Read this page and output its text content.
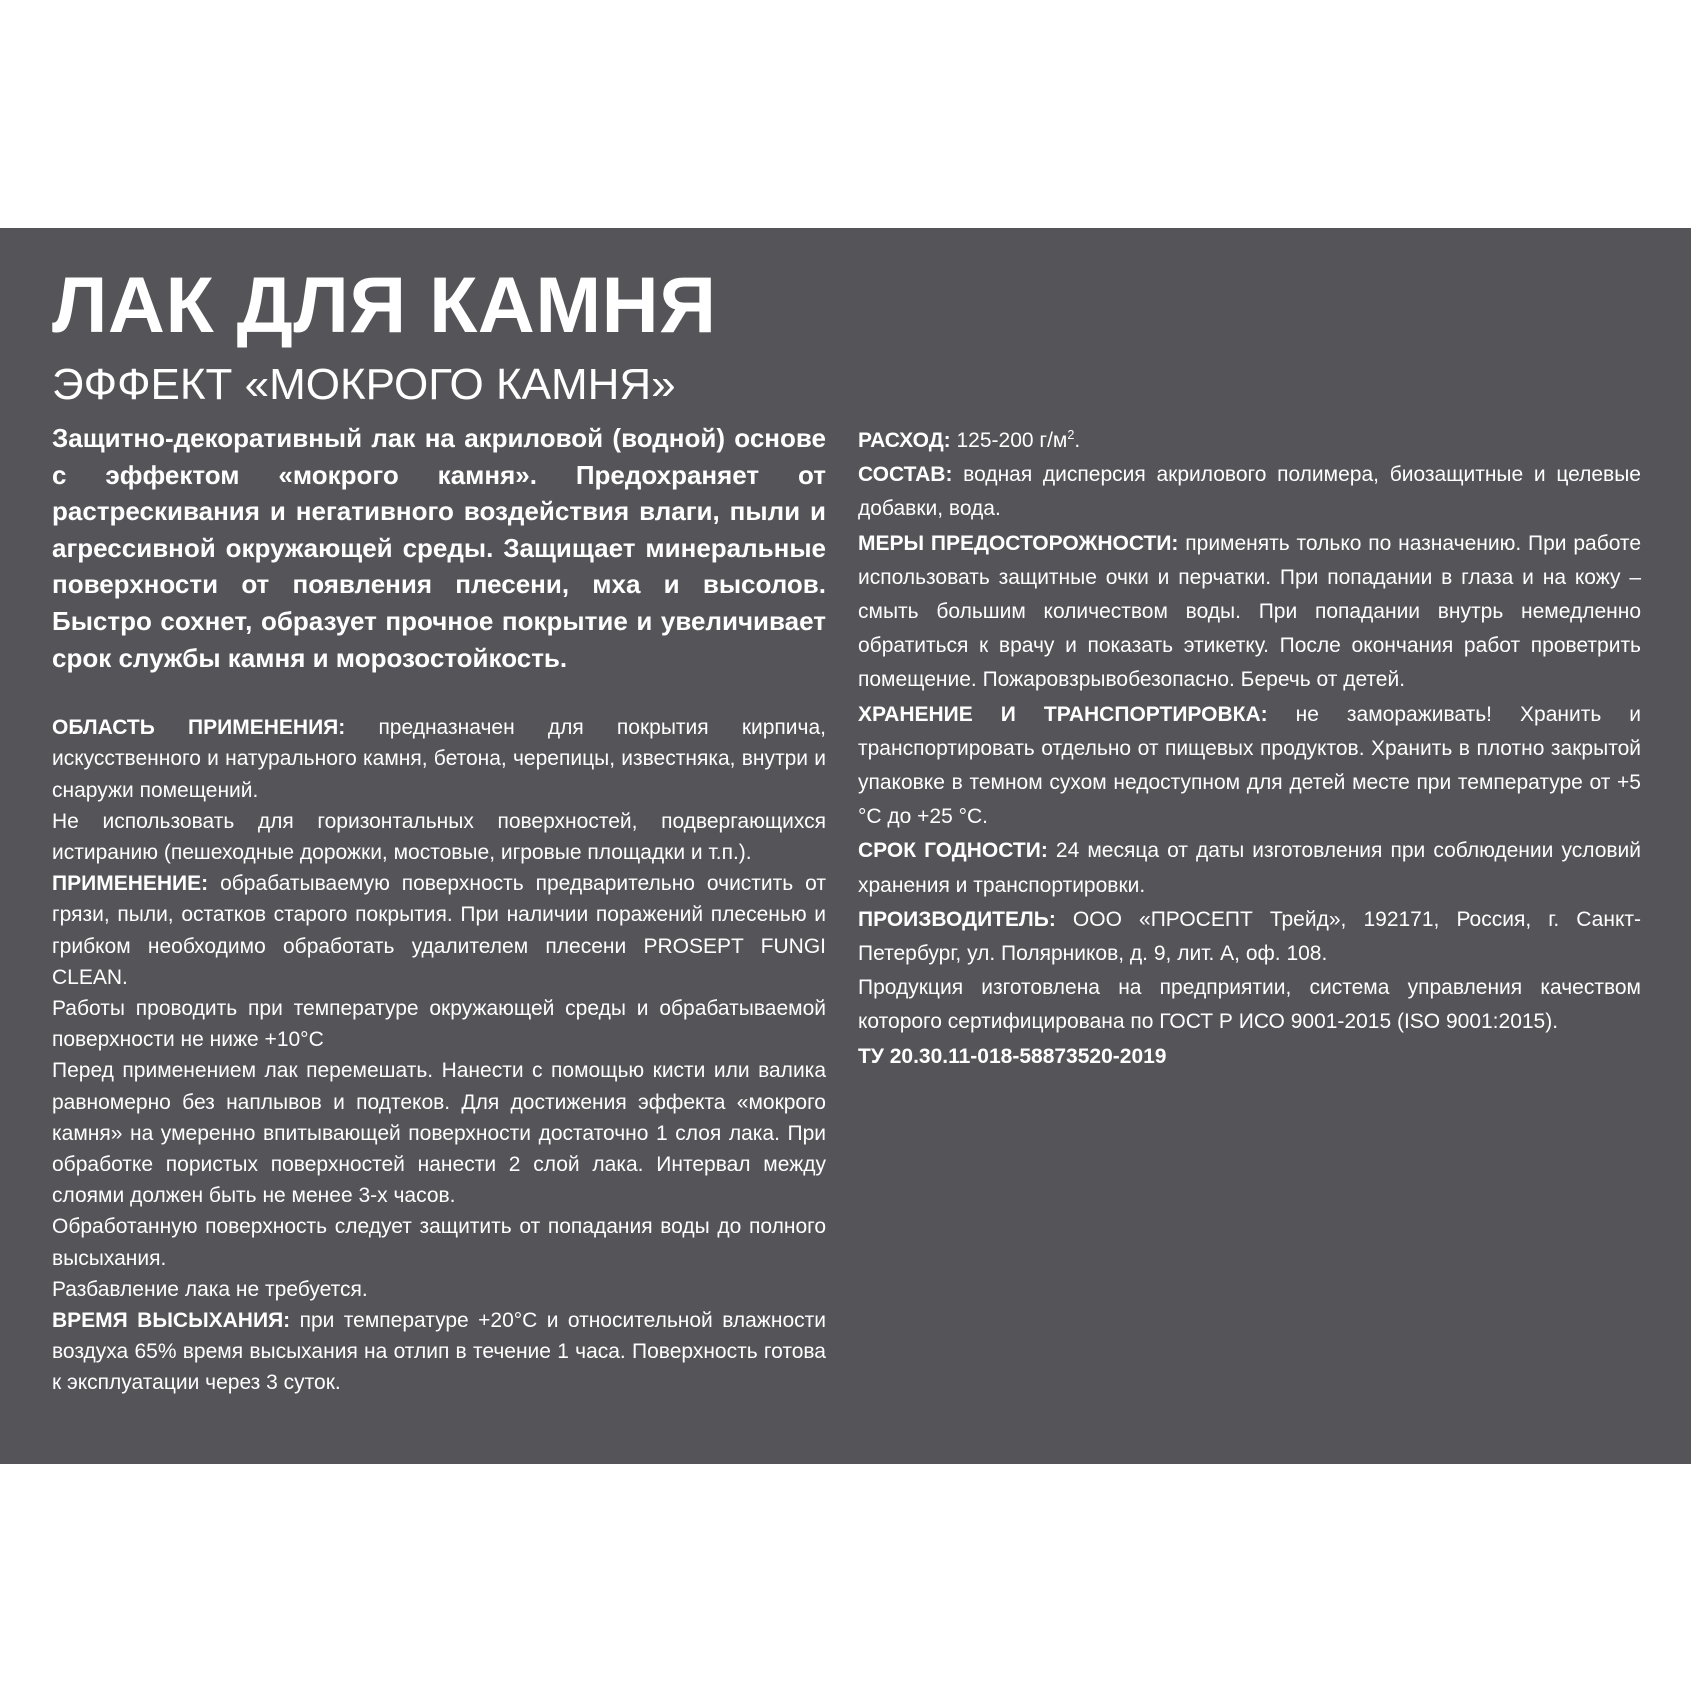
ЛАК ДЛЯ КАМНЯ
ЭФФЕКТ «МОКРОГО КАМНЯ»

Защитно-декоративный лак на акриловой (водной) основе с эффектом «мокрого камня». Предохраняет от растрескивания и негативного воздействия влаги, пыли и агрессивной окружающей среды. Защищает минеральные поверхности от появления плесени, мха и высолов. Быстро сохнет, образует прочное покрытие и увеличивает срок службы камня и морозостойкость.

ОБЛАСТЬ ПРИМЕНЕНИЯ: предназначен для покрытия кирпича, искусственного и натурального камня, бетона, черепицы, известняка, внутри и снаружи помещений.

Не использовать для горизонтальных поверхностей, подвергающихся истиранию (пешеходные дорожки, мостовые, игровые площадки и т.п.).

ПРИМЕНЕНИЕ: обрабатываемую поверхность предварительно очистить от грязи, пыли, остатков старого покрытия. При наличии поражений плесенью и грибком необходимо обработать удалителем плесени PROSEPT FUNGI CLEAN.

Работы проводить при температуре окружающей среды и обрабатываемой поверхности не ниже +10°С

Перед применением лак перемешать. Нанести с помощью кисти или валика равномерно без наплывов и подтеков. Для достижения эффекта «мокрого камня» на умеренно впитывающей поверхности достаточно 1 слоя лака. При обработке пористых поверхностей нанести 2 слой лака. Интервал между слоями должен быть не менее 3-х часов.

Обработанную поверхность следует защитить от попадания воды до полного высыхания.

Разбавление лака не требуется.

ВРЕМЯ ВЫСЫХАНИЯ: при температуре +20°С и относительной влажности воздуха 65% время высыхания на отлип в течение 1 часа. Поверхность готова к эксплуатации через 3 суток.

РАСХОД: 125-200 $г/м^2$.

СОСТАВ: водная дисперсия акрилового полимера, биозащитные и целевые добавки, вода.

МЕРЫ ПРЕДОСТОРОЖНОСТИ: применять только по назначению. При работе использовать защитные очки и перчатки. При попадании в глаза и на кожу – смыть большим количеством воды. При попадании внутрь немедленно обратиться к врачу и показать этикетку. После окончания работ проветрить помещение. Пожаровзрывобезопасно. Беречь от детей.

ХРАНЕНИЕ И ТРАНСПОРТИРОВКА: не замораживать! Хранить и транспортировать отдельно от пищевых продуктов. Хранить в плотно закрытой упаковке в темном сухом недоступном для детей месте при температуре от +5 °С до +25 °С.

СРОК ГОДНОСТИ: 24 месяца от даты изготовления при соблюдении условий хранения и транспортировки.

ПРОИЗВОДИТЕЛЬ: ООО «ПРОСЕПТ Трейд», 192171, Россия, г. Санкт-Петербург, ул. Полярников, д. 9, лит. А, оф. 108.

Продукция изготовлена на предприятии, система управления качеством которого сертифицирована по ГОСТ Р ИСО 9001-2015 (ISO 9001:2015).

ТУ 20.30.11-018-58873520-2019
